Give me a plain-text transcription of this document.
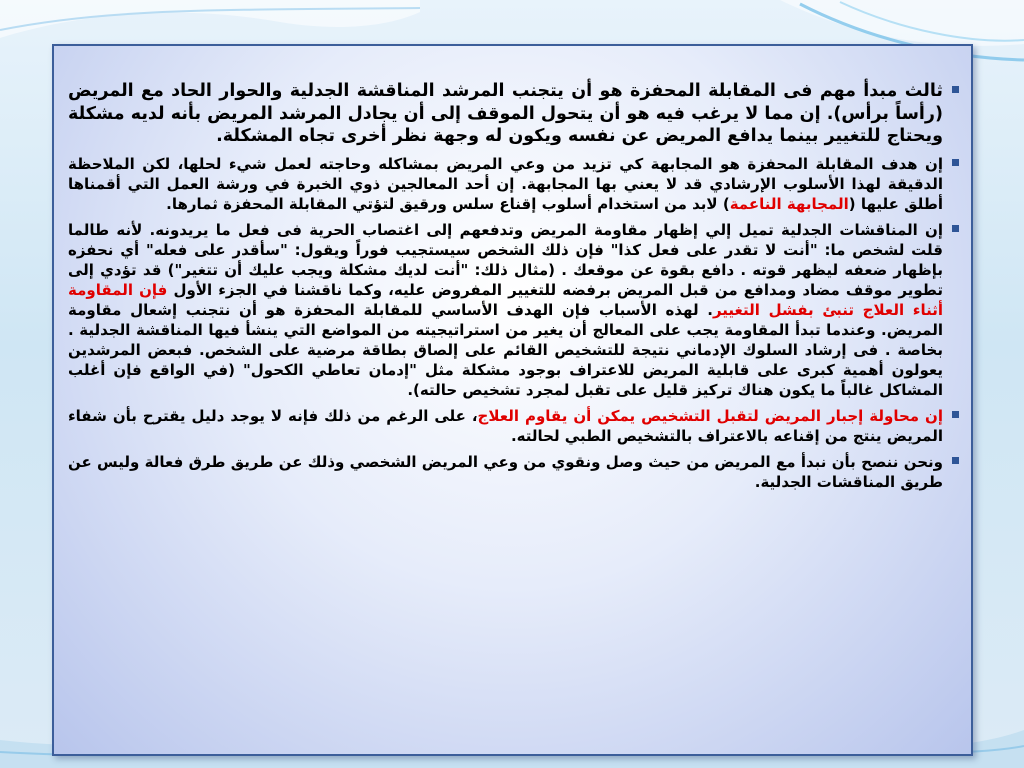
ثالث مبدأ مهم فى المقابلة المحفزة هو أن يتجنب المرشد المناقشة الجدلية والحوار الحاد مع المريض (رأساً برأس). إن مما لا يرغب فيه هو أن يتحول الموقف إلى أن يجادل المرشد المريض بأنه لديه مشكلة ويحتاج للتغيير بينما يدافع المريض عن نفسه ويكون له وجهة نظر أخرى تجاه المشكلة.

إن هدف المقابلة المحفزة هو المجابهة كي تزيد من وعي المريض بمشاكله وحاجته لعمل شيء لحلها، لكن الملاحظة الدقيقة لهذا الأسلوب الإرشادي قد لا يعني بها المجابهة. إن أحد المعالجين ذوي الخبرة في ورشة العمل التي أقمناها أطلق عليها (المجابهة الناعمة) لابد من استخدام أسلوب إقناع سلس ورقيق لتؤتي المقابلة المحفزة ثمارها.

إن المناقشات الجدلية تميل إلي إظهار مقاومة المريض وتدفعهم إلى اغتصاب الحرية فى فعل ما يريدونه. لأنه طالما قلت لشخص ما: "أنت لا تقدر على فعل كذا" فإن ذلك الشخص سيستجيب فوراً ويقول: "سأقدر على فعله" أي نحفزه بإظهار ضعفه ليظهر قوته . دافع بقوة عن موقعك . (مثال ذلك: "أنت لديك مشكلة ويجب عليك أن تتغير") قد تؤدي إلى تطوير موقف مضاد ومدافع من قبل المريض برفضه للتغيير المفروض عليه، وكما ناقشنا في الجزء الأول فإن المقاومة أثناء العلاج تنبئ بفشل التغيير. لهذه الأسباب فإن الهدف الأساسي للمقابلة المحفزة هو أن نتجنب إشعال مقاومة المريض. وعندما تبدأ المقاومة يجب على المعالج أن يغير من استراتيجيته من المواضع التي ينشأ فيها المناقشة الجدلية . بخاصة . فى إرشاد السلوك الإدماني نتيجة للتشخيص القائم على إلصاق بطاقة مرضية على الشخص. فبعض المرشدين يعولون أهمية كبرى على قابلية المريض للاعتراف بوجود مشكلة مثل "إدمان تعاطي الكحول" (في الواقع فإن أغلب المشاكل غالباً ما يكون هناك تركيز قليل على تقبل لمجرد تشخيص حالته).

إن محاولة إجبار المريض لتقبل التشخيص يمكن أن يقاوم العلاج، على الرغم من ذلك فإنه لا يوجد دليل يقترح بأن شفاء المريض ينتج من إقناعه بالاعتراف بالتشخيص الطبي لحالته.

ونحن ننصح بأن نبدأ مع المريض من حيث وصل ونقوي من وعي المريض الشخصي وذلك عن طريق طرق فعالة وليس عن طريق المناقشات الجدلية.
